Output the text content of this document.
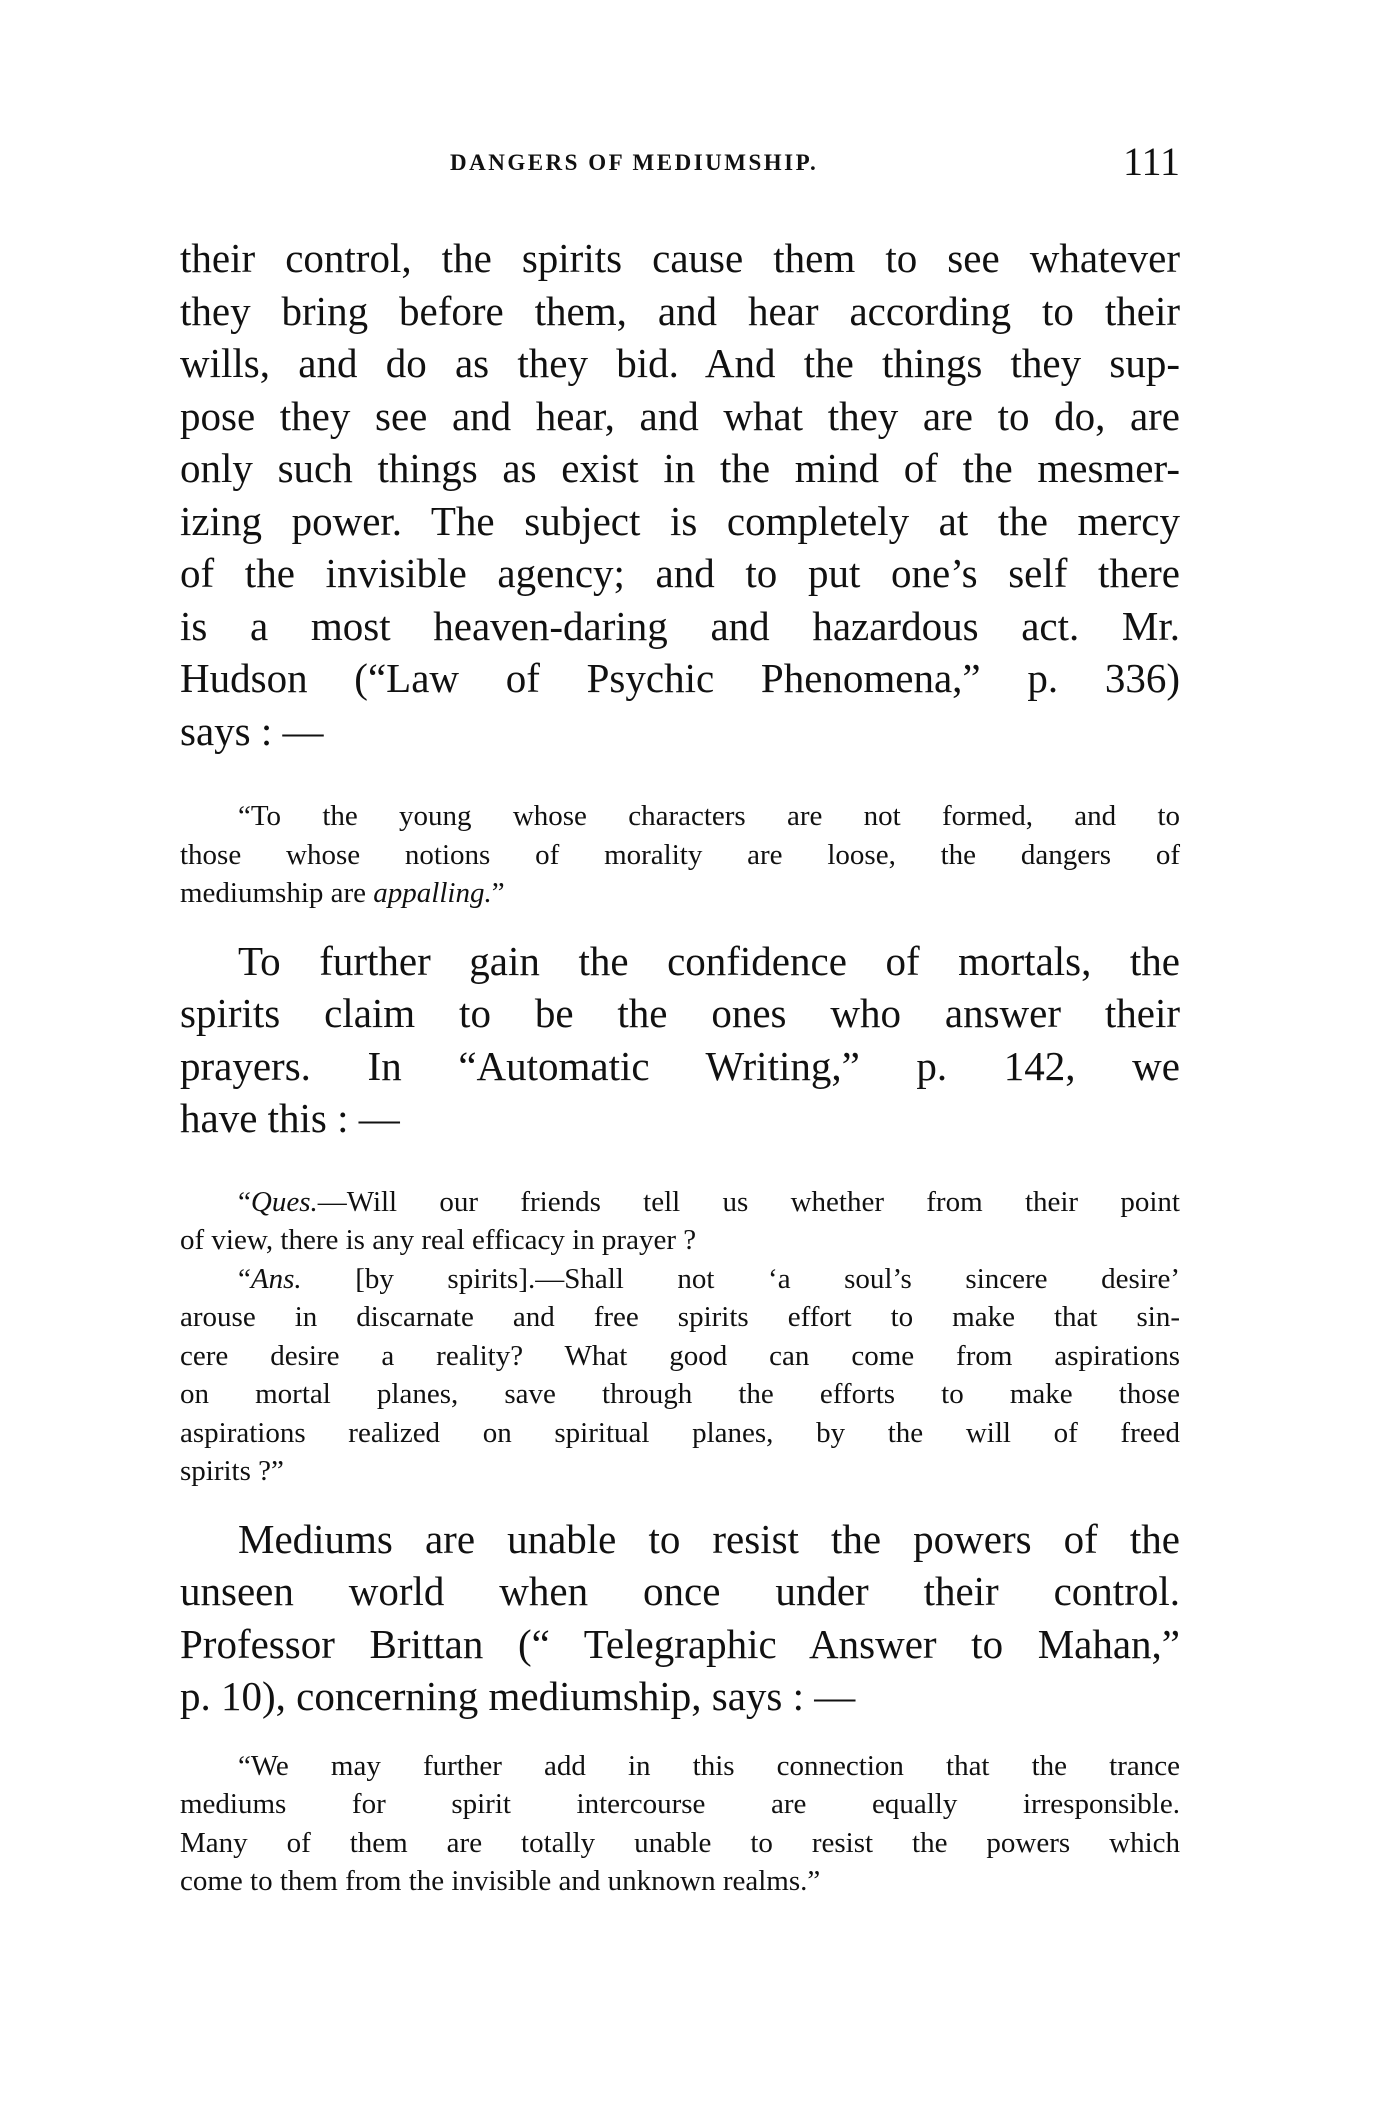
DANGERS OF MEDIUMSHIP.	111
their control, the spirits cause them to see whatever
they bring before them, and hear according to their
wills, and do as they bid. And the things they sup-
pose they see and hear, and what they are to do, are
only such things as exist in the mind of the mesmer-
izing power. The subject is completely at the mercy
of the invisible agency; and to put one’s self there
is a most heaven-daring and hazardous act. Mr.
Hudson (“Law of Psychic Phenomena,” p. 336)
says : —
“To the young whose characters are not formed, and to
those whose notions of morality are loose, the dangers of
mediumship are appalling.”
To further gain the confidence of mortals, the
spirits claim to be the ones who answer their
prayers. In “Automatic Writing,” p. 142, we
have this : —
“Ques.—Will our friends tell us whether from their point
of view, there is any real efficacy in prayer ?
“Ans. [by spirits].—Shall not ‘a soul’s sincere desire’
arouse in discarnate and free spirits effort to make that sin-
cere desire a reality? What good can come from aspirations
on mortal planes, save through the efforts to make those
aspirations realized on spiritual planes, by the will of freed
spirits ?”
Mediums are unable to resist the powers of the
unseen world when once under their control.
Professor Brittan (“ Telegraphic Answer to Mahan,”
p. 10), concerning mediumship, says : —
“We may further add in this connection that the trance
mediums for spirit intercourse are equally irresponsible.
Many of them are totally unable to resist the powers which
come to them from the invisible and unknown realms.”
